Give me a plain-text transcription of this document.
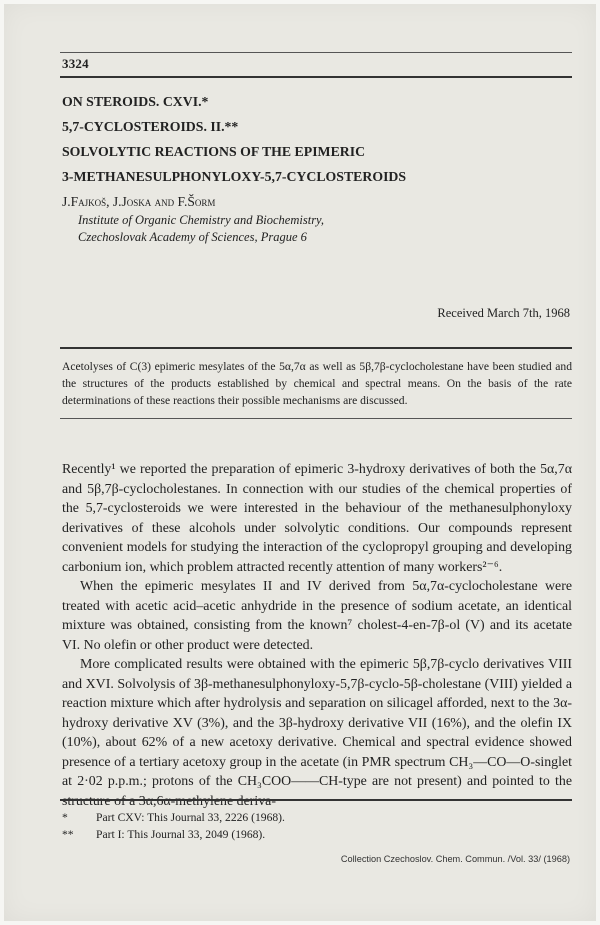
3324
ON STEROIDS. CXVI.*
5,7-CYCLOSTEROIDS. II.**
SOLVOLYTIC REACTIONS OF THE EPIMERIC
3-METHANESULPHONYLOXY-5,7-CYCLOSTEROIDS
J.Fajkoš, J.Joska and F.Šorm
Institute of Organic Chemistry and Biochemistry,
Czechoslovak Academy of Sciences, Prague 6
Received March 7th, 1968
Acetolyses of C(3) epimeric mesylates of the 5α,7α as well as 5β,7β-cyclocholestane have been studied and the structures of the products established by chemical and spectral means. On the basis of the rate determinations of these reactions their possible mechanisms are discussed.

Recently¹ we reported the preparation of epimeric 3-hydroxy derivatives of both the 5α,7α and 5β,7β-cyclocholestanes. In connection with our studies of the chemical properties of the 5,7-cyclosteroids we were interested in the behaviour of the methanesulphonyloxy derivatives of these alcohols under solvolytic conditions. Our compounds represent convenient models for studying the interaction of the cyclopropyl grouping and developing carbonium ion, which problem attracted recently attention of many workers²⁻⁶.

When the epimeric mesylates II and IV derived from 5α,7α-cyclocholestane were treated with acetic acid–acetic anhydride in the presence of sodium acetate, an identical mixture was obtained, consisting from the known⁷ cholest-4-en-7β-ol (V) and its acetate VI. No olefin or other product were detected.

More complicated results were obtained with the epimeric 5β,7β-cyclo derivatives VIII and XVI. Solvolysis of 3β-methanesulphonyloxy-5,7β-cyclo-5β-cholestane (VIII) yielded a reaction mixture which after hydrolysis and separation on silicagel afforded, next to the 3α-hydroxy derivative XV (3%), and the 3β-hydroxy derivative VII (16%), and the olefin IX (10%), about 62% of a new acetoxy derivative. Chemical and spectral evidence showed presence of a tertiary acetoxy group in the acetate (in PMR spectrum CH₃—CO—O-singlet at 2·02 p.p.m.; protons of the CH₃COO——CH-type are not present) and pointed to the structure of a 3α,6α-methylene deriva-

*	Part CXV: This Journal 33, 2226 (1968).
**	Part I: This Journal 33, 2049 (1968).
Collection Czechoslov. Chem. Commun. /Vol. 33/ (1968)
